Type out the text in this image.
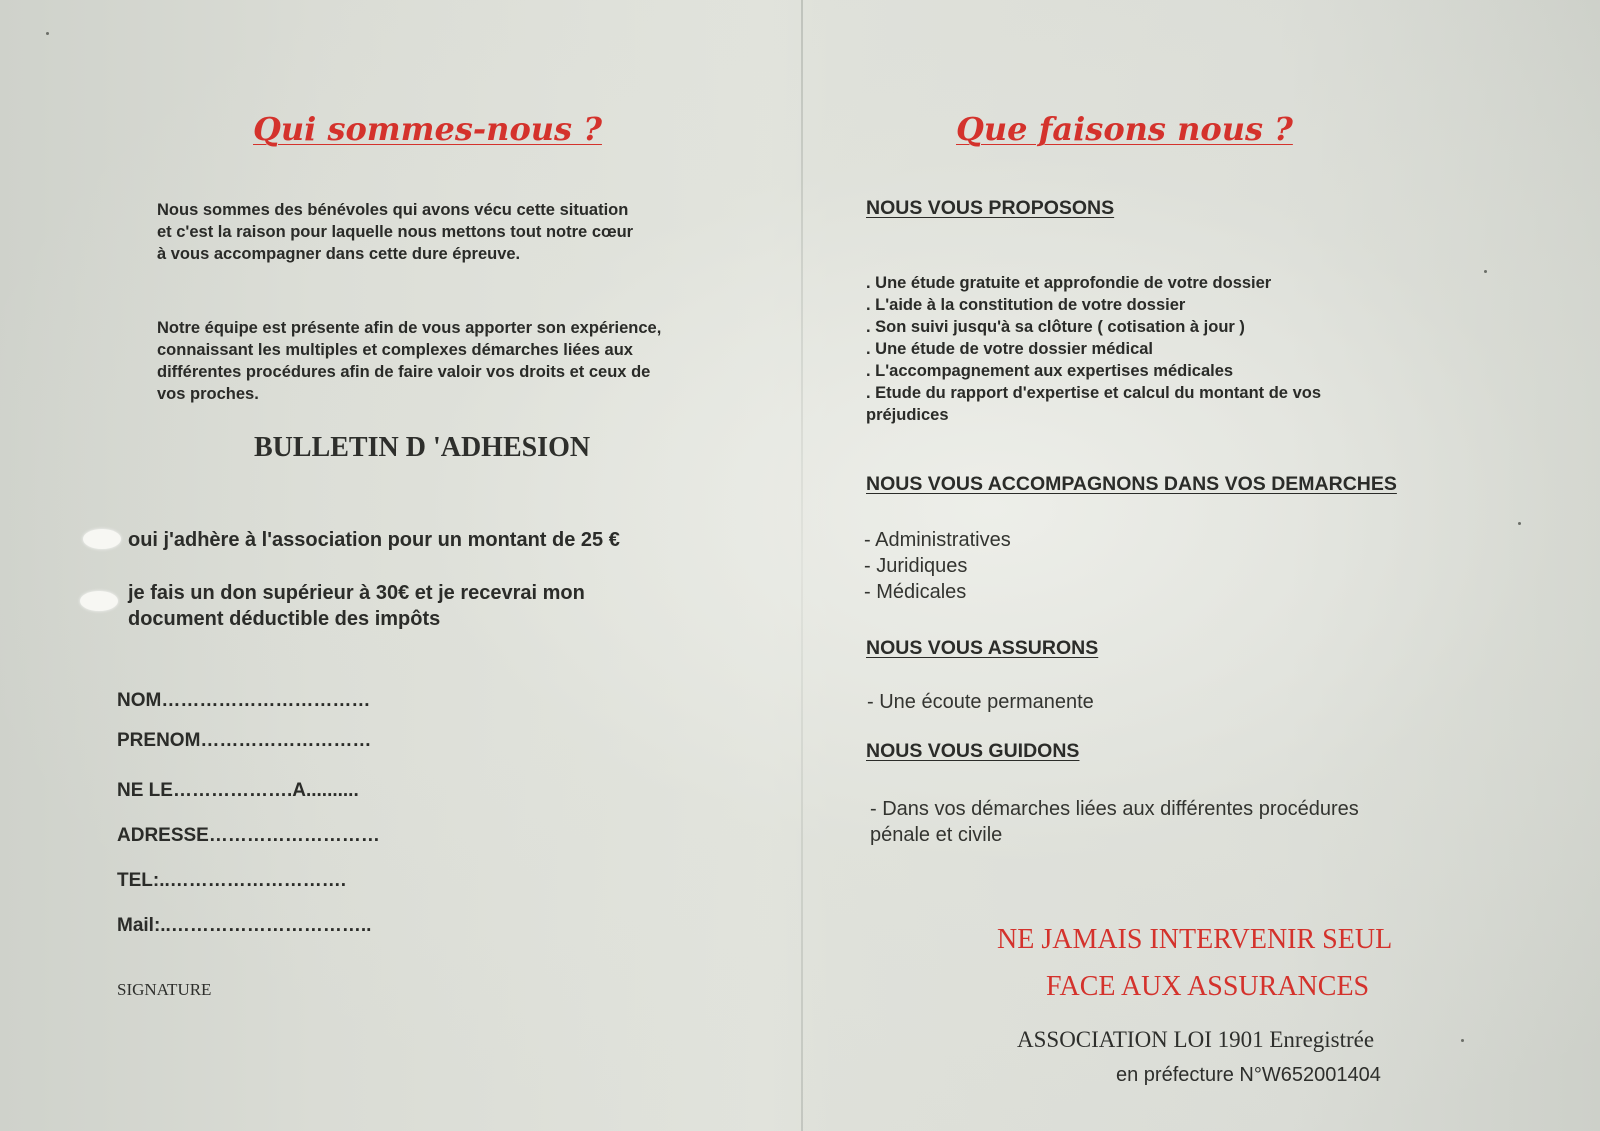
Qui sommes-nous ?
Nous sommes des bénévoles qui avons vécu cette situation
et c'est la raison pour laquelle nous mettons tout notre cœur
à vous accompagner dans cette dure épreuve.
Notre équipe est présente afin de vous apporter son expérience,
connaissant les multiples et complexes démarches liées aux
différentes procédures afin de faire valoir vos droits et ceux de
vos proches.
BULLETIN D 'ADHESION
oui j'adhère à l'association pour un montant de 25 €
je fais un don supérieur à 30€ et je recevrai mon
document déductible des impôts
NOM……………………………
PRENOM………………………
NE LE……………….A..........
ADRESSE………………………
TEL:..……………………….
Mail:..…………………………..
SIGNATURE
Que faisons nous ?
NOUS VOUS PROPOSONS
. Une étude gratuite et approfondie de votre dossier
. L'aide à la constitution de votre dossier
. Son suivi jusqu'à sa clôture ( cotisation à jour )
. Une étude de votre dossier médical
. L'accompagnement aux expertises médicales
. Etude du rapport d'expertise et calcul du montant de vos
préjudices
NOUS VOUS ACCOMPAGNONS DANS VOS DEMARCHES
- Administratives
- Juridiques
- Médicales
NOUS VOUS ASSURONS
- Une écoute permanente
NOUS VOUS GUIDONS
- Dans vos démarches liées aux différentes procédures
pénale et civile
NE JAMAIS INTERVENIR SEUL
FACE AUX ASSURANCES
ASSOCIATION LOI 1901 Enregistrée
en préfecture N°W652001404
